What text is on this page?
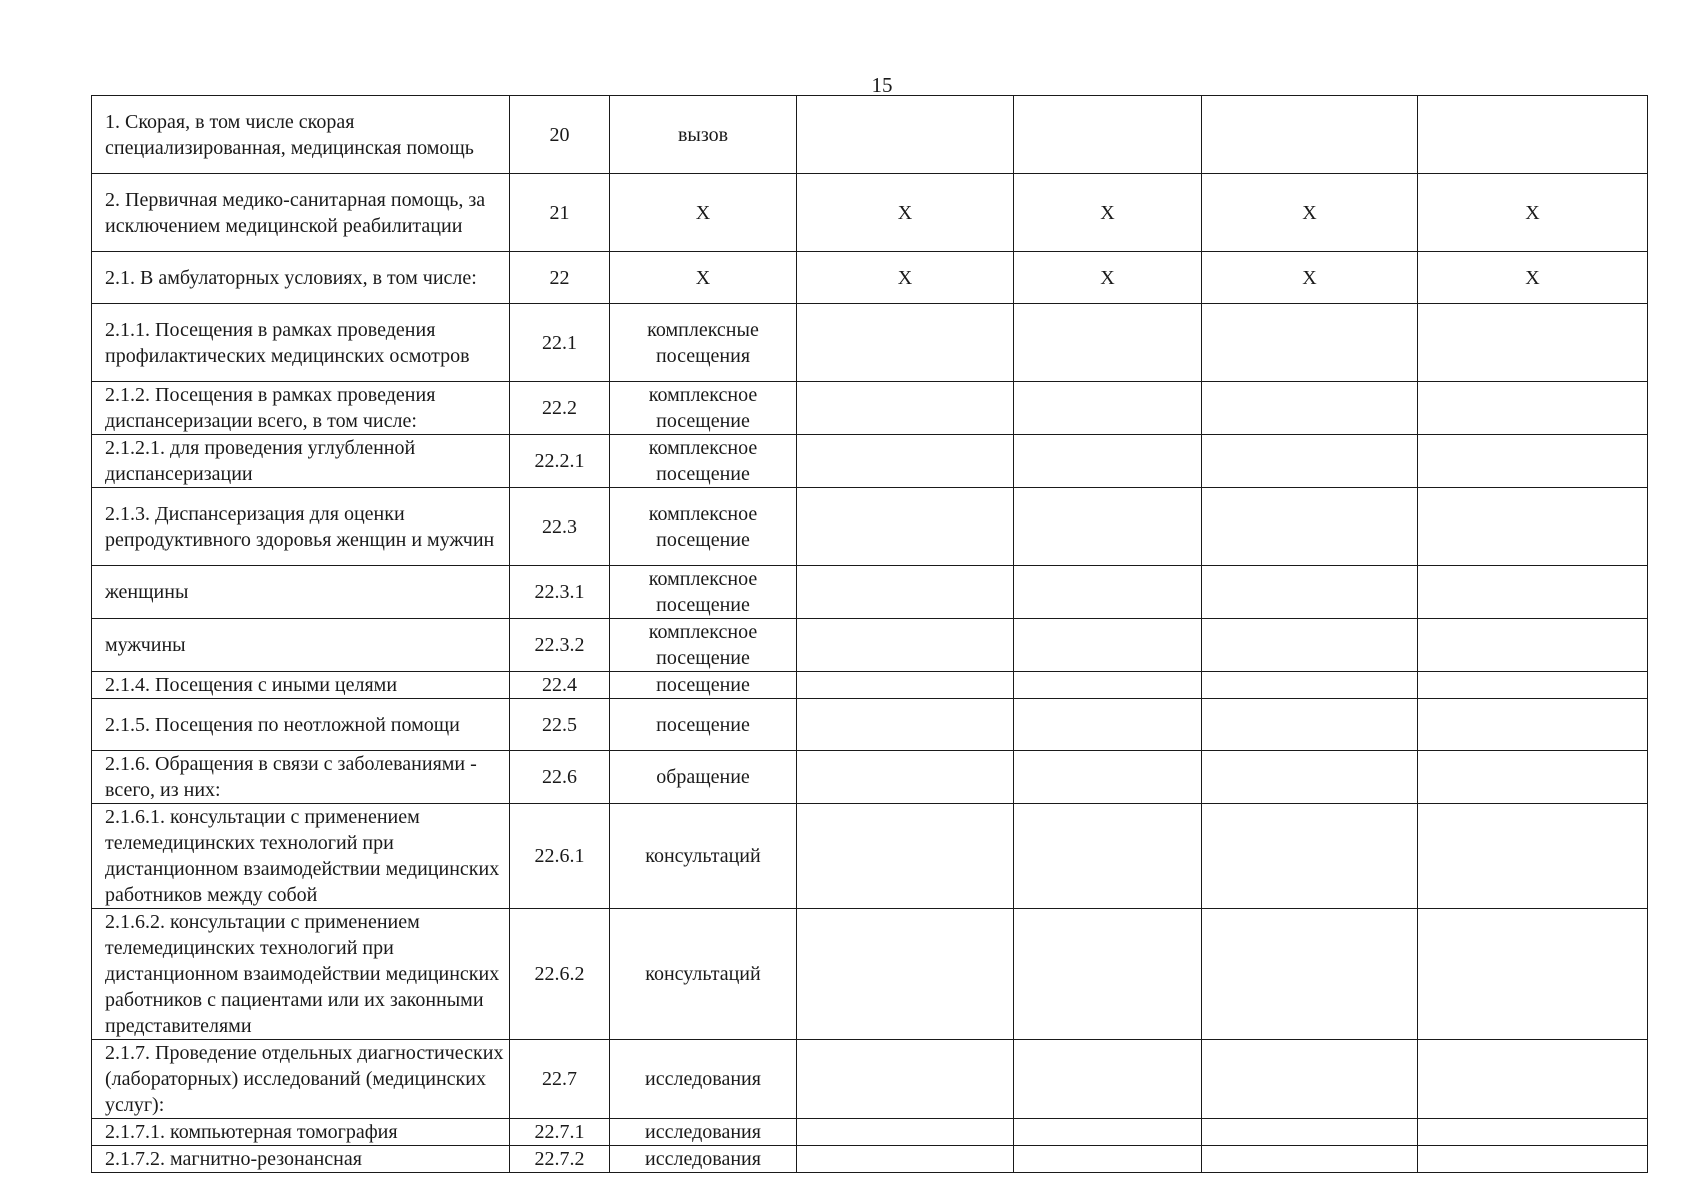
15
1. Скорая, в том числе скорая специализированная, медицинская помощь	20	вызов				
2. Первичная медико-санитарная помощь, за исключением медицинской реабилитации	21	X	X	X	X	X
2.1. В амбулаторных условиях, в том числе:	22	X	X	X	X	X
2.1.1. Посещения в рамках проведения профилактических медицинских осмотров	22.1	комплексные посещения				
2.1.2. Посещения в рамках проведения диспансеризации всего, в том числе:	22.2	комплексное посещение				
2.1.2.1. для проведения углубленной диспансеризации	22.2.1	комплексное посещение				
2.1.3. Диспансеризация для оценки репродуктивного здоровья женщин и мужчин	22.3	комплексное посещение				
женщины	22.3.1	комплексное посещение				
мужчины	22.3.2	комплексное посещение				
2.1.4. Посещения с иными целями	22.4	посещение				
2.1.5. Посещения по неотложной помощи	22.5	посещение				
2.1.6. Обращения в связи с заболеваниями - всего, из них:	22.6	обращение				
2.1.6.1. консультации с применением телемедицинских технологий при дистанционном взаимодействии медицинских работников между собой	22.6.1	консультаций				
2.1.6.2. консультации с применением телемедицинских технологий при дистанционном взаимодействии медицинских работников с пациентами или их законными представителями	22.6.2	консультаций				
2.1.7. Проведение отдельных диагностических (лабораторных) исследований (медицинских услуг):	22.7	исследования				
2.1.7.1. компьютерная томография	22.7.1	исследования				
2.1.7.2. магнитно-резонансная	22.7.2	исследования				
